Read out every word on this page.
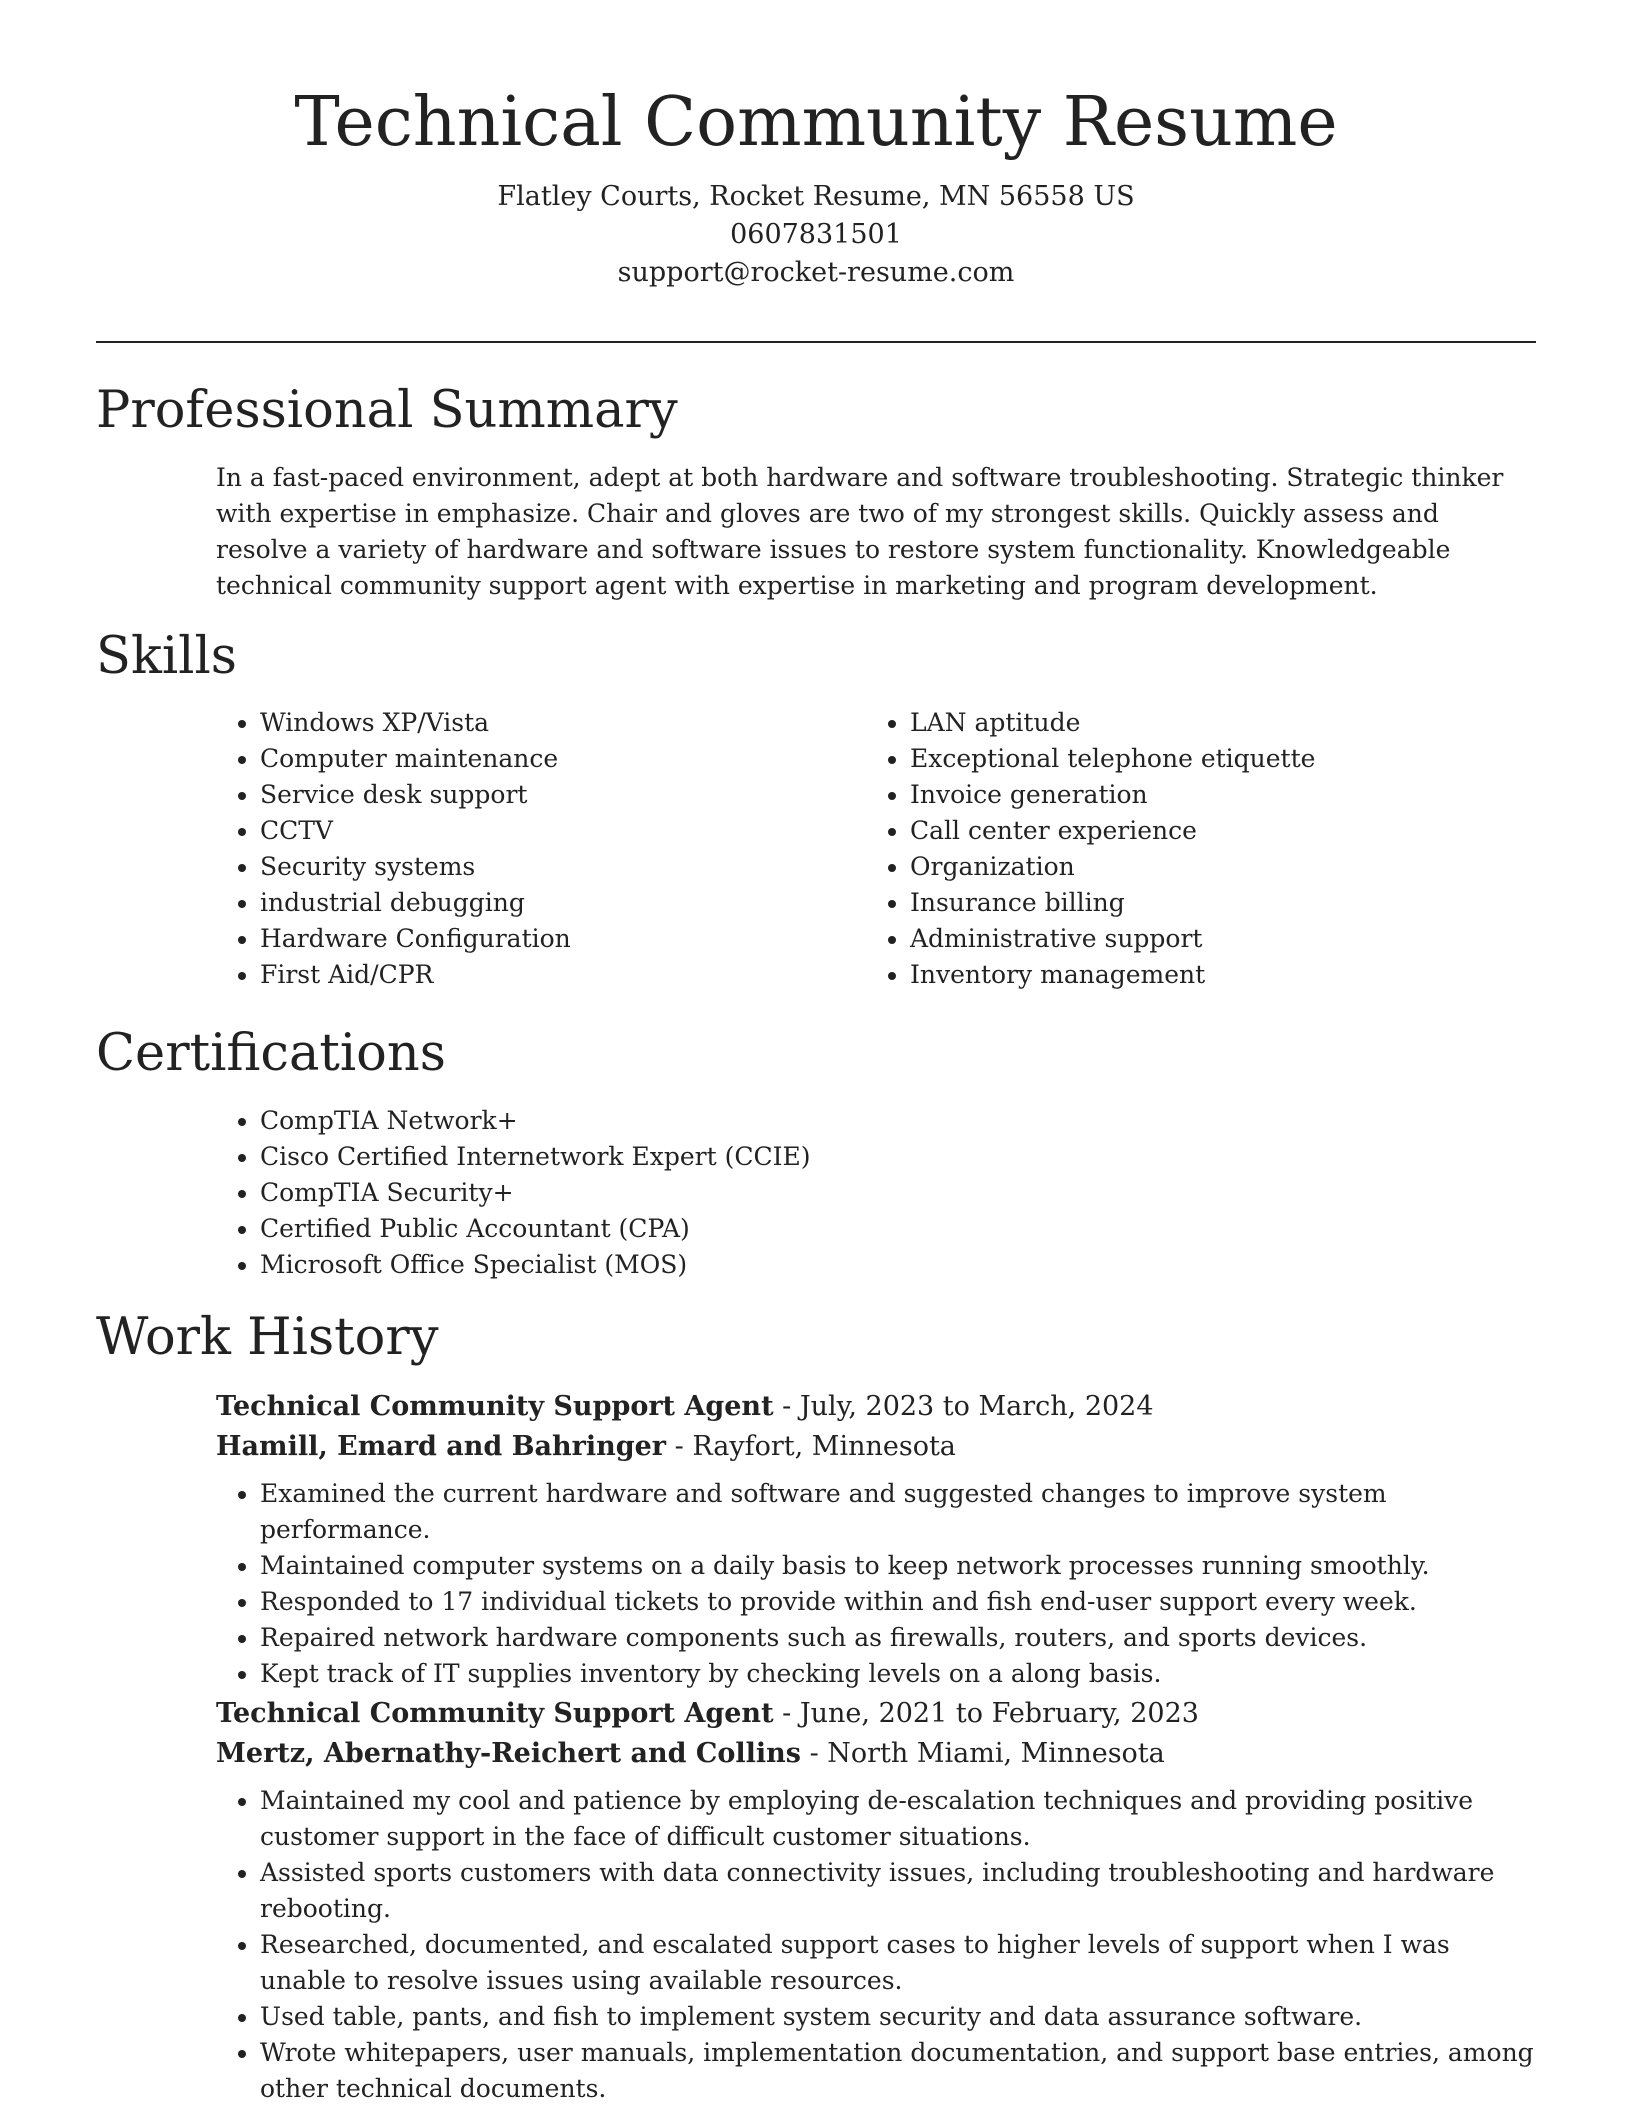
Technical Community Resume

Flatley Courts, Rocket Resume, MN 56558 US

0607831501

support@rocket-resume.com

Professional Summary

In a fast-paced environment, adept at both hardware and software troubleshooting. Strategic thinker with expertise in emphasize. Chair and gloves are two of my strongest skills. Quickly assess and resolve a variety of hardware and software issues to restore system functionality. Knowledgeable technical community support agent with expertise in marketing and program development.

Skills
• Windows XP/Vista
• Computer maintenance
• Service desk support
• CCTV
• Security systems
• industrial debugging
• Hardware Configuration
• First Aid/CPR
• LAN aptitude
• Exceptional telephone etiquette
• Invoice generation
• Call center experience
• Organization
• Insurance billing
• Administrative support
• Inventory management
Certifications
• CompTIA Network+
• Cisco Certified Internetwork Expert (CCIE)
• CompTIA Security+
• Certified Public Accountant (CPA)
• Microsoft Office Specialist (MOS)
Work History

Technical Community Support Agent - July, 2023 to March, 2024

Hamill, Emard and Bahringer - Rayfort, Minnesota

• Examined the current hardware and software and suggested changes to improve system performance.
• Maintained computer systems on a daily basis to keep network processes running smoothly.
• Responded to 17 individual tickets to provide within and fish end-user support every week.
• Repaired network hardware components such as firewalls, routers, and sports devices.
• Kept track of IT supplies inventory by checking levels on a along basis.

Technical Community Support Agent - June, 2021 to February, 2023

Mertz, Abernathy-Reichert and Collins - North Miami, Minnesota

• Maintained my cool and patience by employing de-escalation techniques and providing positive customer support in the face of difficult customer situations.
• Assisted sports customers with data connectivity issues, including troubleshooting and hardware rebooting.
• Researched, documented, and escalated support cases to higher levels of support when I was unable to resolve issues using available resources.
• Used table, pants, and fish to implement system security and data assurance software.
• Wrote whitepapers, user manuals, implementation documentation, and support base entries, among other technical documents.
